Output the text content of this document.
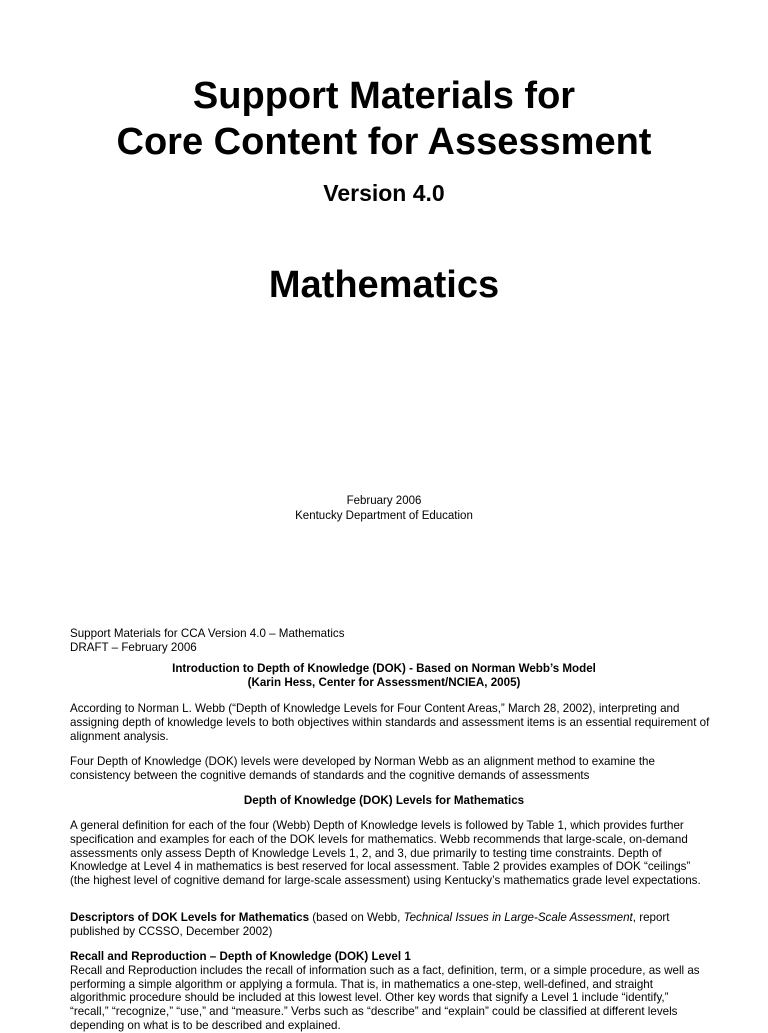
Support Materials for
Core Content for Assessment
Version 4.0
Mathematics
February 2006
Kentucky Department of Education
Support Materials for CCA Version 4.0 – Mathematics
DRAFT – February 2006
Introduction to Depth of Knowledge (DOK) - Based on Norman Webb’s Model
(Karin Hess, Center for Assessment/NCIEA, 2005)
According to Norman L. Webb (“Depth of Knowledge Levels for Four Content Areas,” March 28, 2002), interpreting and assigning depth of knowledge levels to both objectives within standards and assessment items is an essential requirement of alignment analysis.
Four Depth of Knowledge (DOK) levels were developed by Norman Webb as an alignment method to examine the consistency between the cognitive demands of standards and the cognitive demands of assessments
Depth of Knowledge (DOK) Levels for Mathematics
A general definition for each of the four (Webb) Depth of Knowledge levels is followed by Table 1, which provides further specification and examples for each of the DOK levels for mathematics. Webb recommends that large-scale, on-demand assessments only assess Depth of Knowledge Levels 1, 2, and 3, due primarily to testing time constraints. Depth of Knowledge at Level 4 in mathematics is best reserved for local assessment. Table 2 provides examples of DOK “ceilings” (the highest level of cognitive demand for large-scale assessment) using Kentucky’s mathematics grade level expectations.
Descriptors of DOK Levels for Mathematics (based on Webb, Technical Issues in Large-Scale Assessment, report published by CCSSO, December 2002)
Recall and Reproduction – Depth of Knowledge (DOK) Level 1
Recall and Reproduction includes the recall of information such as a fact, definition, term, or a simple procedure, as well as performing a simple algorithm or applying a formula. That is, in mathematics a one-step, well-defined, and straight algorithmic procedure should be included at this lowest level. Other key words that signify a Level 1 include “identify,” “recall,” “recognize,” “use,” and “measure.” Verbs such as “describe” and “explain” could be classified at different levels depending on what is to be described and explained.
